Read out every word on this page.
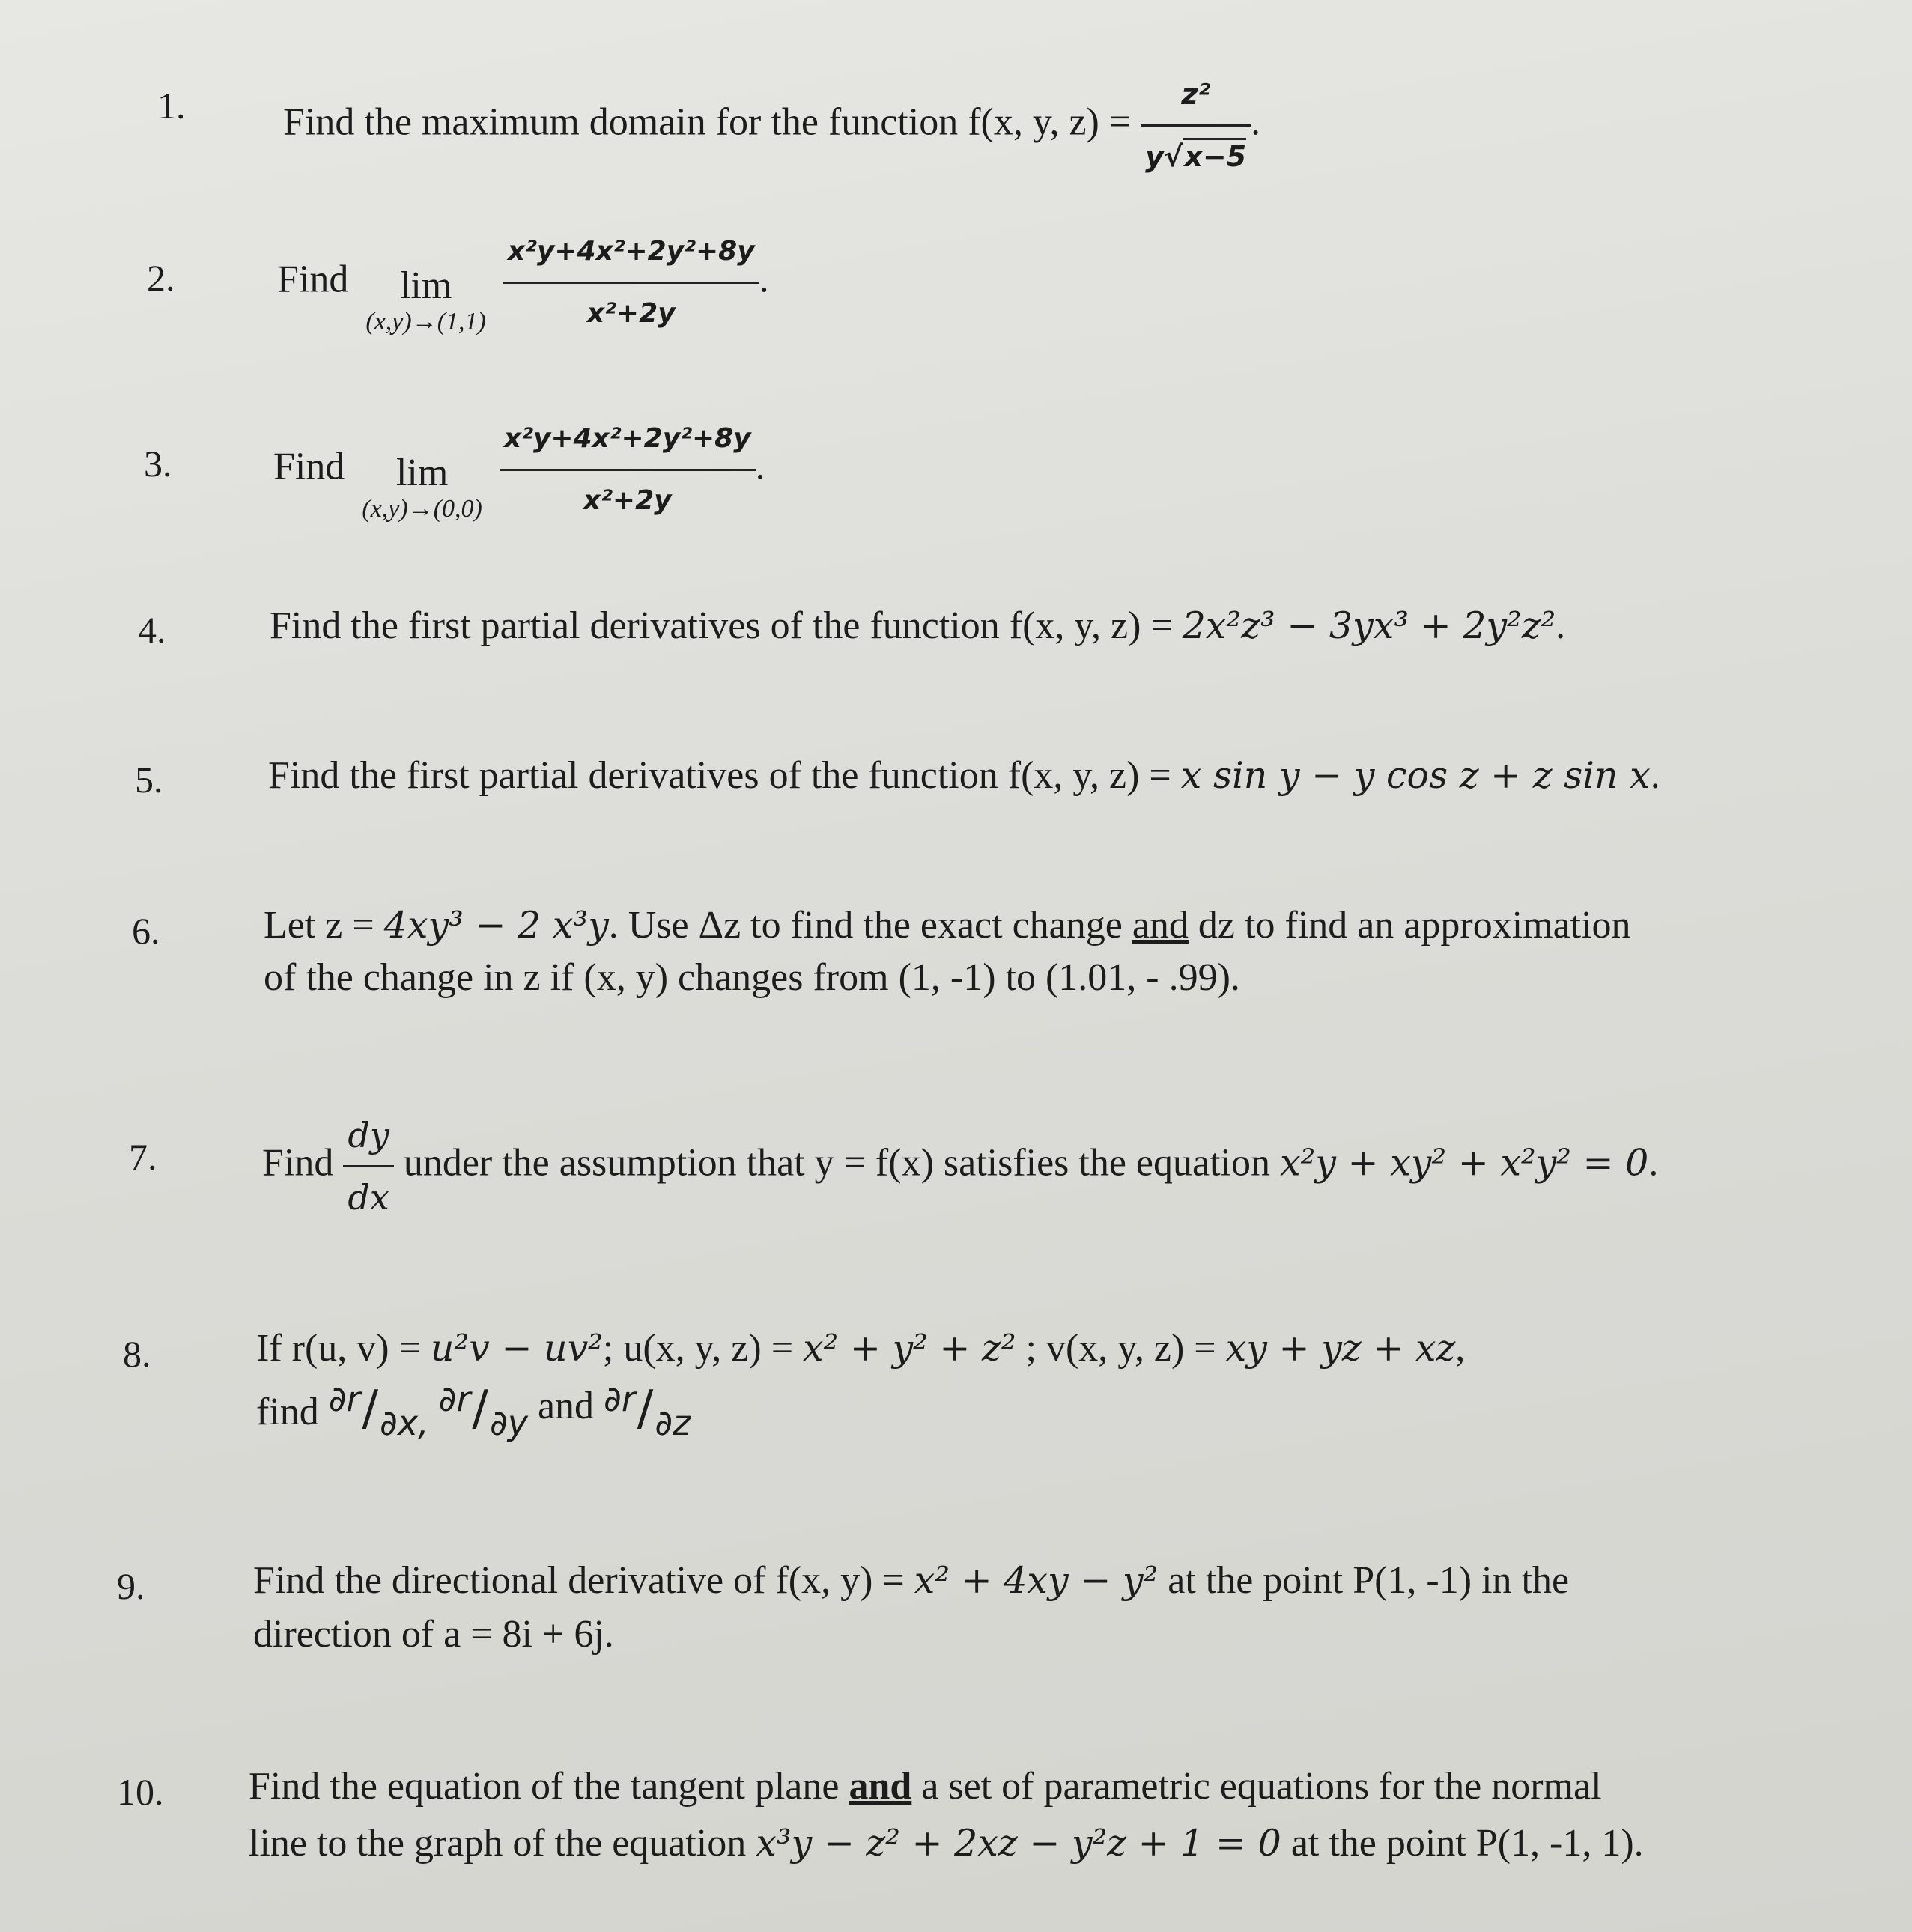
1.	Find the maximum domain for the function f(x, y, $z) = \frac{\text{z²}}{y√x-5}$ .
2.	Find	lim
(x,y)→(1,1)
$\frac{\text{x²y+4x²+2y²+8y}}{\text{x²+2y}}$ .
3.	Find	lim
(x,y)→(0,0)
$\frac{\text{x²y+4x²+2y²+8y}}{\text{x²+2y}}$ .
4.	Find the first partial derivatives of the function f(x, y, z) = 2x²z³ − 3yx³ + 2y²z².
5.	Find the first partial derivatives of the function f(x, y, z) = x sin y − y cos z + z sin x.
6.	Let z = 4xy³ − 2 x³y. Use Δz to find the exact change and dz to find an approximation
of the change in z if (x, y) changes from (1, -1) to (1.01, - .99).
7.	Find $\frac{dy}{dx}$ under the assumption that y = f(x) satisfies the equation x²y + xy² + x²y² = 0.
8.	If r(u, v) = u²v − uv²; u(x, y, z) = x² + y² + z² ; v(x, y, z) = xy + yz + xz,
find ∂r/∂x, ∂r/∂y and ∂r/∂z
9.	Find the directional derivative of f(x, y) = x² + 4xy − y² at the point P(1, -1) in the
direction of a = 8i + 6j.
10. Find the equation of the tangent plane and a set of parametric equations for the normal
line to the graph of the equation x³y − z² + 2xz − y²z + 1 = 0 at the point P(1, -1, 1).
